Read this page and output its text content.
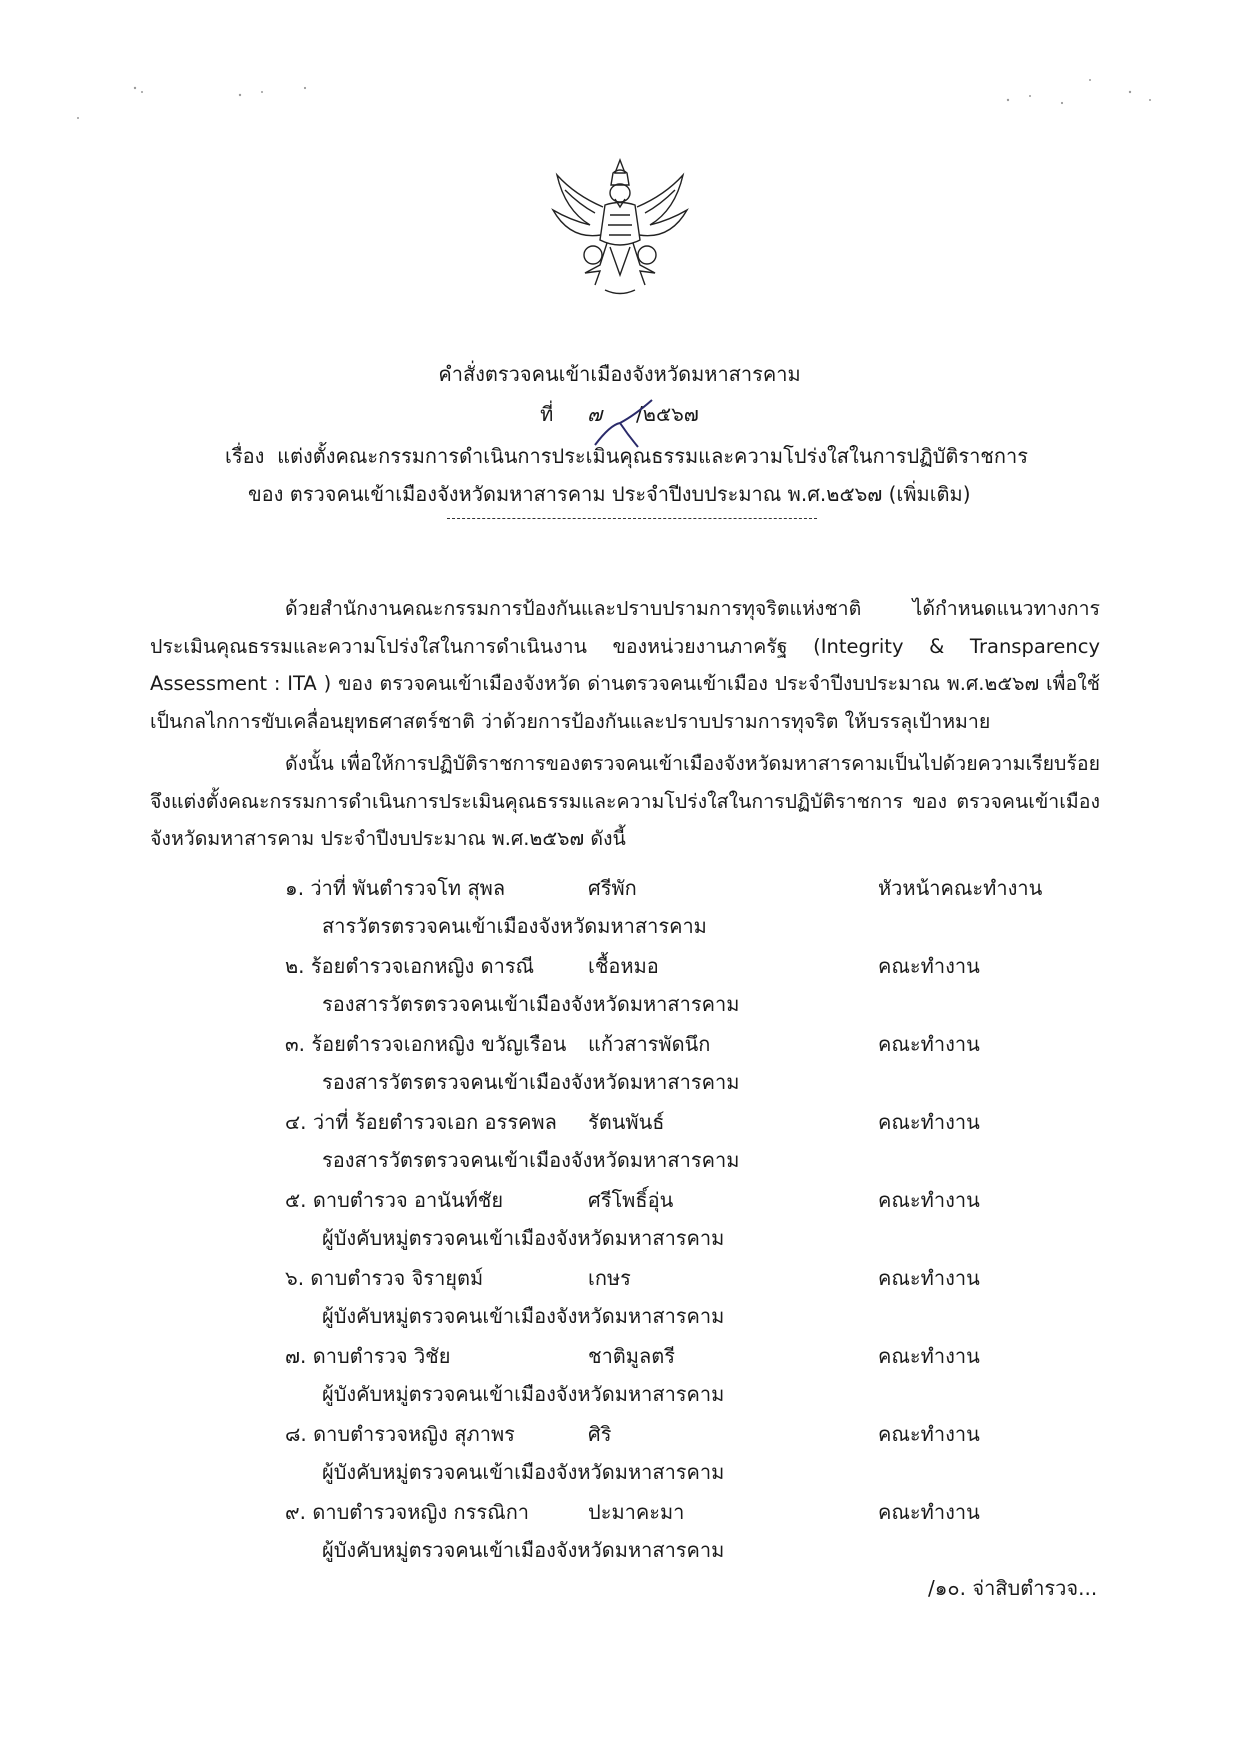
คำสั่งตรวจคนเข้าเมืองจังหวัดมหาสารคาม
ที่ ๗ /๒๕๖๗
เรื่อง แต่งตั้งคณะกรรมการดำเนินการประเมินคุณธรรมและความโปร่งใสในการปฏิบัติราชการ
ของ ตรวจคนเข้าเมืองจังหวัดมหาสารคาม ประจำปีงบประมาณ พ.ศ.๒๕๖๗ (เพิ่มเติม)
ด้วยสำนักงานคณะกรรมการป้องกันและปราบปรามการทุจริตแห่งชาติ ได้กำหนดแนวทางการประเมินคุณธรรมและความโปร่งใสในการดำเนินงาน ของหน่วยงานภาครัฐ (Integrity & Transparency Assessment : ITA ) ของ ตรวจคนเข้าเมืองจังหวัด ด่านตรวจคนเข้าเมือง ประจำปีงบประมาณ พ.ศ.๒๕๖๗ เพื่อใช้เป็นกลไกการขับเคลื่อนยุทธศาสตร์ชาติ ว่าด้วยการป้องกันและปราบปรามการทุจริต ให้บรรลุเป้าหมาย
ดังนั้น เพื่อให้การปฏิบัติราชการของตรวจคนเข้าเมืองจังหวัดมหาสารคามเป็นไปด้วยความเรียบร้อย จึงแต่งตั้งคณะกรรมการดำเนินการประเมินคุณธรรมและความโปร่งใสในการปฏิบัติราชการ ของ ตรวจคนเข้าเมืองจังหวัดมหาสารคาม ประจำปีงบประมาณ พ.ศ.๒๕๖๗ ดังนี้
๑. ว่าที่ พันตำรวจโท สุพล	ศรีพัก	หัวหน้าคณะทำงาน
สารวัตรตรวจคนเข้าเมืองจังหวัดมหาสารคาม
๒. ร้อยตำรวจเอกหญิง ดารณี	เชื้อหมอ	คณะทำงาน
รองสารวัตรตรวจคนเข้าเมืองจังหวัดมหาสารคาม
๓. ร้อยตำรวจเอกหญิง ขวัญเรือน แก้วสารพัดนึก	คณะทำงาน
รองสารวัตรตรวจคนเข้าเมืองจังหวัดมหาสารคาม
๔. ว่าที่ ร้อยตำรวจเอก อรรคพล รัตนพันธ์	คณะทำงาน
รองสารวัตรตรวจคนเข้าเมืองจังหวัดมหาสารคาม
๕. ดาบตำรวจ อานันท์ชัย	ศรีโพธิ์อุ่น	คณะทำงาน
ผู้บังคับหมู่ตรวจคนเข้าเมืองจังหวัดมหาสารคาม
๖. ดาบตำรวจ จิรายุตม์	เกษร	คณะทำงาน
ผู้บังคับหมู่ตรวจคนเข้าเมืองจังหวัดมหาสารคาม
๗. ดาบตำรวจ วิชัย	ชาติมูลตรี	คณะทำงาน
ผู้บังคับหมู่ตรวจคนเข้าเมืองจังหวัดมหาสารคาม
๘. ดาบตำรวจหญิง สุภาพร	ศิริ	คณะทำงาน
ผู้บังคับหมู่ตรวจคนเข้าเมืองจังหวัดมหาสารคาม
๙. ดาบตำรวจหญิง กรรณิกา	ปะมาคะมา	คณะทำงาน
ผู้บังคับหมู่ตรวจคนเข้าเมืองจังหวัดมหาสารคาม
/๑๐. จ่าสิบตำรวจ...
